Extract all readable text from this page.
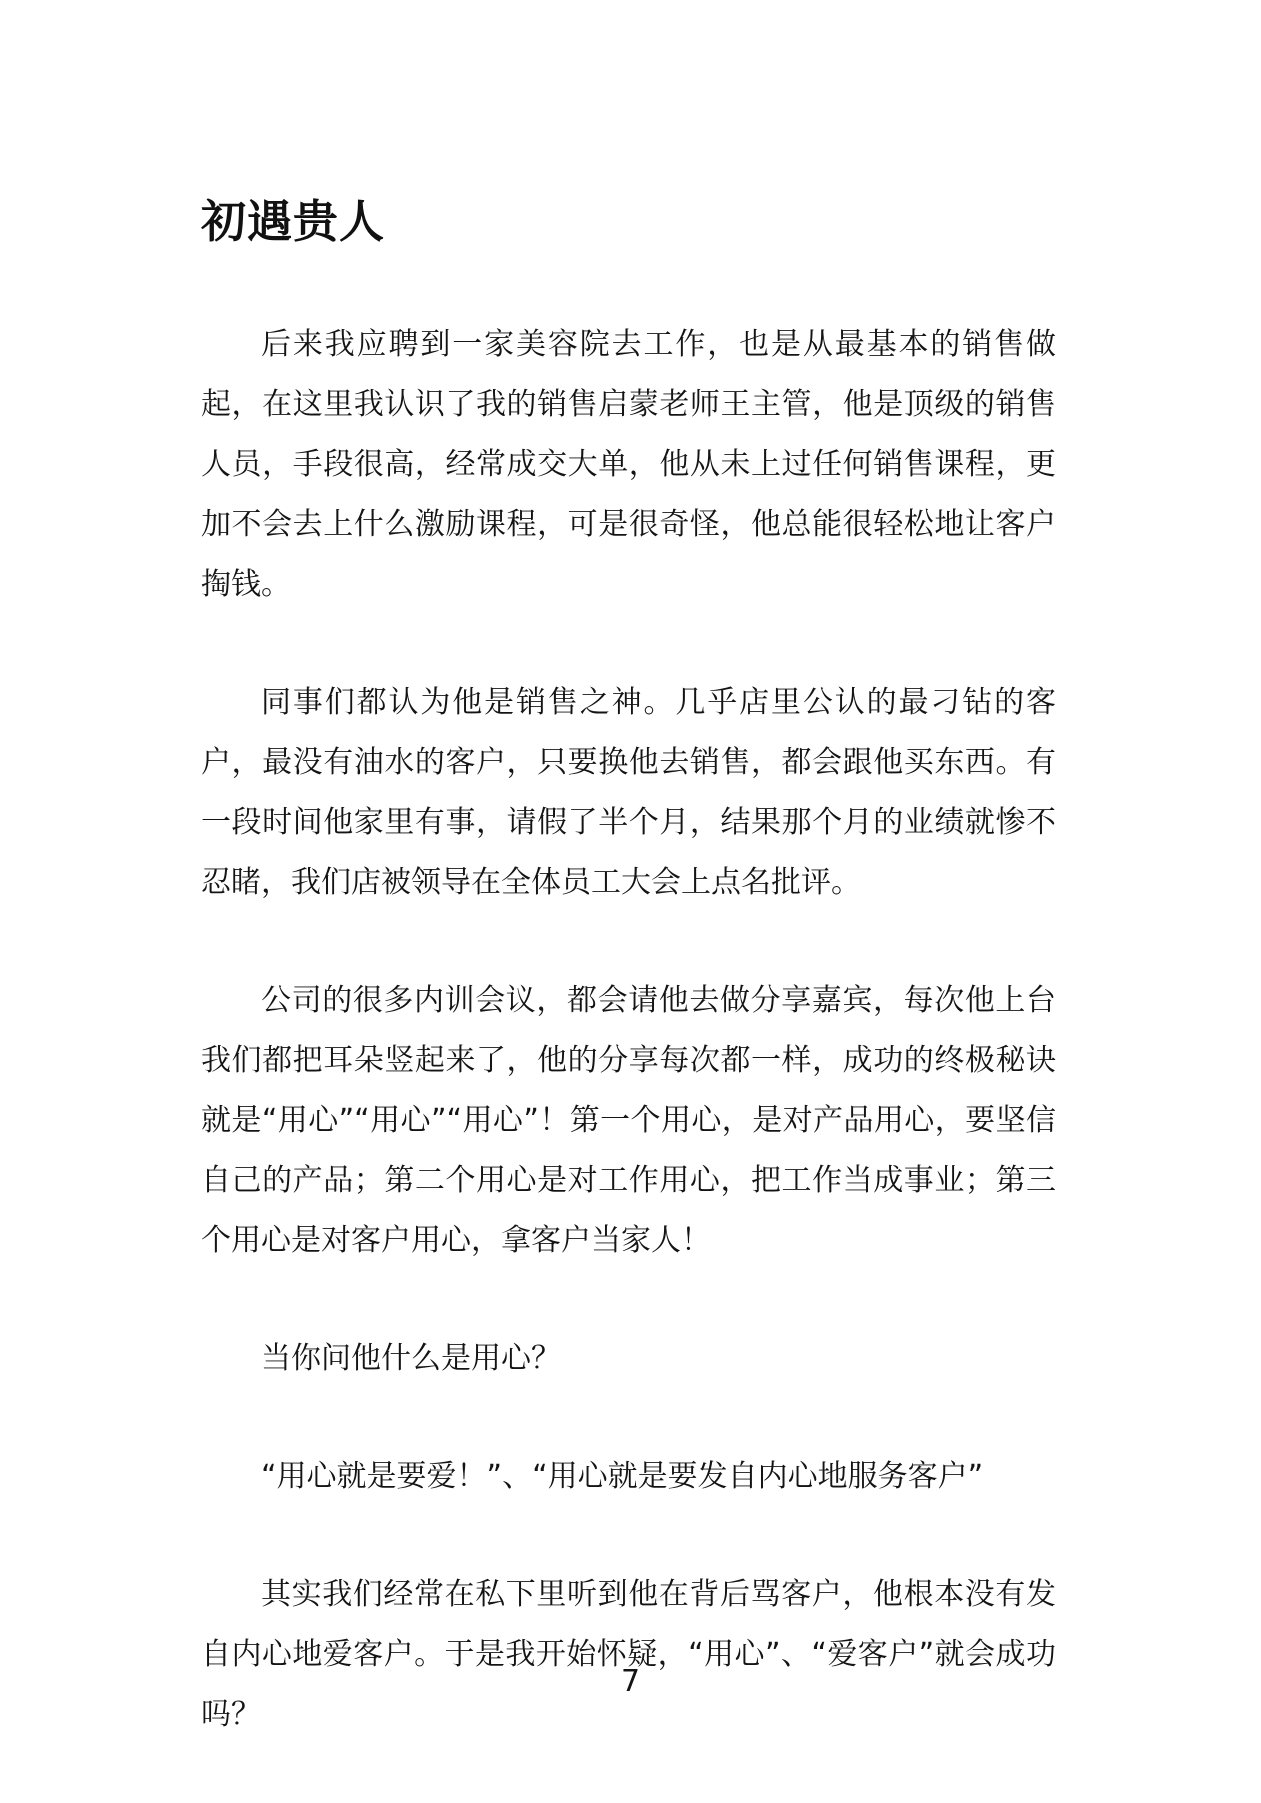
初遇贵人

后来我应聘到一家美容院去工作，也是从最基本的销售做起，在这里我认识了我的销售启蒙老师王主管，他是顶级的销售人员，手段很高，经常成交大单，他从未上过任何销售课程，更加不会去上什么激励课程，可是很奇怪，他总能很轻松地让客户掏钱。

同事们都认为他是销售之神。几乎店里公认的最刁钻的客户，最没有油水的客户，只要换他去销售，都会跟他买东西。有一段时间他家里有事，请假了半个月，结果那个月的业绩就惨不忍睹，我们店被领导在全体员工大会上点名批评。

公司的很多内训会议，都会请他去做分享嘉宾，每次他上台我们都把耳朵竖起来了，他的分享每次都一样，成功的终极秘诀就是“用心”“用心”“用心”！第一个用心，是对产品用心，要坚信自己的产品；第二个用心是对工作用心，把工作当成事业；第三个用心是对客户用心，拿客户当家人！

当你问他什么是用心？

“用心就是要爱！”、“用心就是要发自内心地服务客户”

其实我们经常在私下里听到他在背后骂客户，他根本没有发自内心地爱客户。于是我开始怀疑，“用心”、“爱客户”就会成功吗？

7
